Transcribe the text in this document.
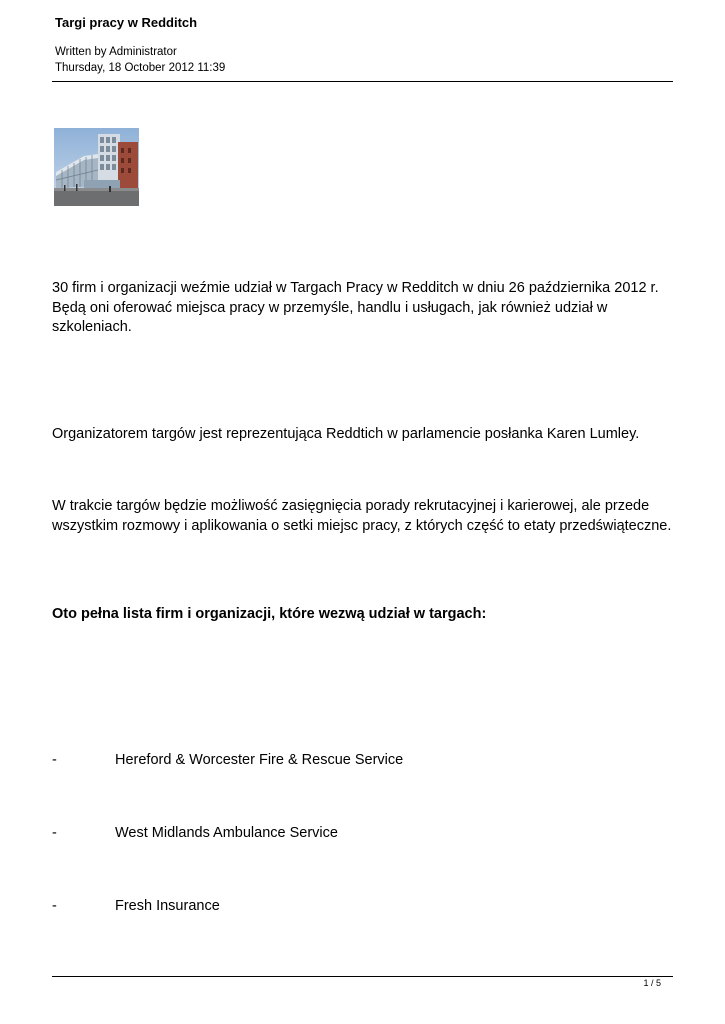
Targi pracy w Redditch
Written by Administrator
Thursday, 18 October 2012 11:39

30 firm i organizacji weźmie udział w Targach Pracy w Redditch w dniu 26 października 2012 r. Będą oni oferować miejsca pracy w przemyśle, handlu i usługach, jak również udział w szkoleniach.

Organizatorem targów jest reprezentująca Reddtich w parlamencie posłanka Karen Lumley.

W trakcie targów będzie możliwość zasięgnięcia porady rekrutacyjnej i karierowej, ale przede wszystkim rozmowy i aplikowania o setki miejsc pracy, z których część to etaty przedświąteczne.

Oto pełna lista firm i organizacji, które wezwą udział w targach:
-	Hereford & Worcester Fire & Rescue Service
-	West Midlands Ambulance Service
-	Fresh Insurance
1 / 5
